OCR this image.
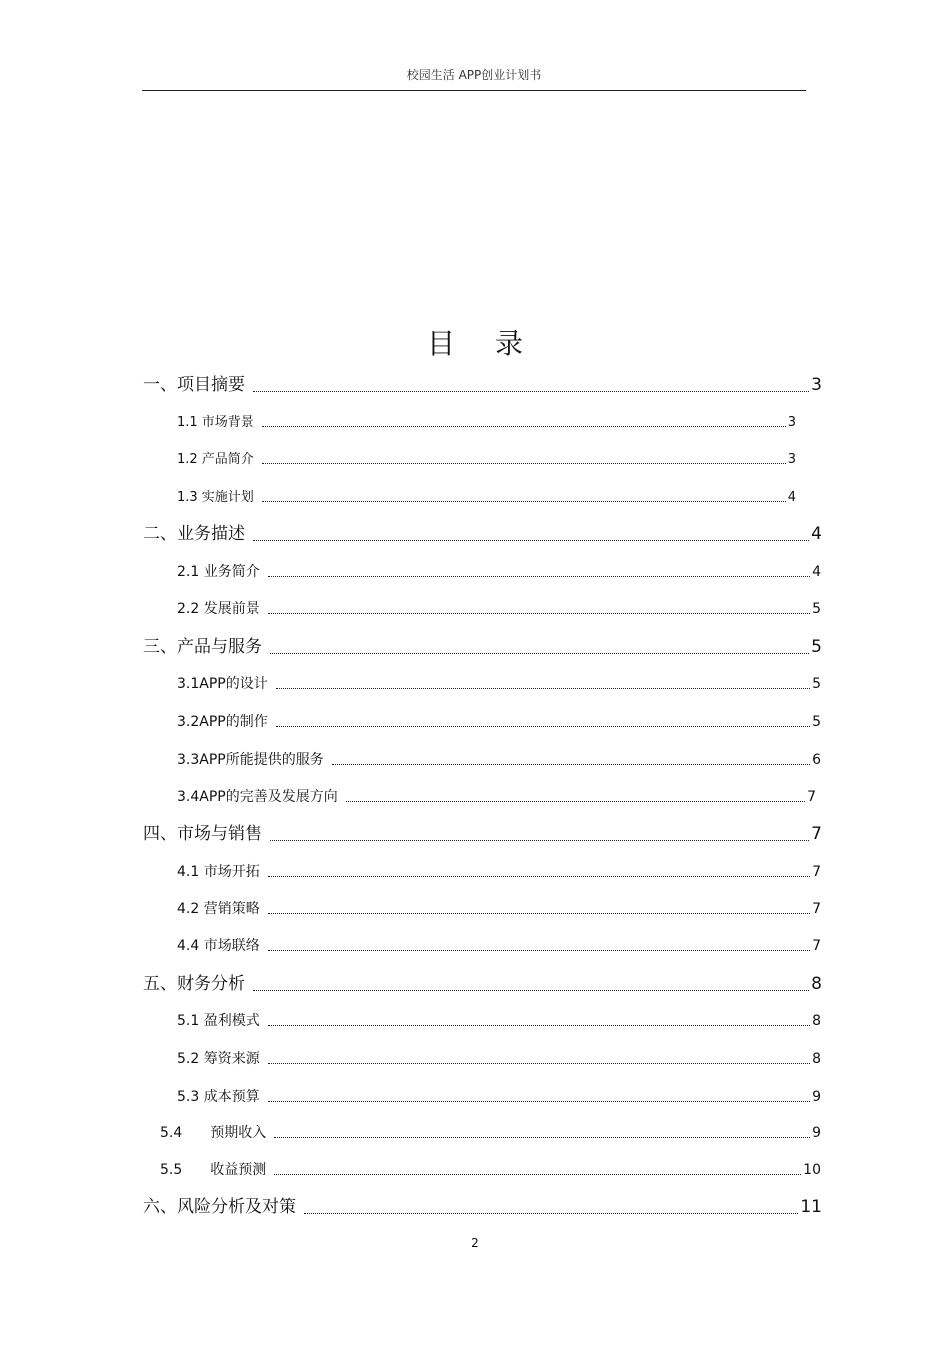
校园生活 APP创业计划书
目录
一、项目摘要	3
1.1 市场背景	3
1.2 产品简介	3
1.3 实施计划	4
二、业务描述	4
2.1 业务简介	4
2.2 发展前景	5
三、产品与服务	5
3.1APP的设计	5
3.2APP的制作	5
3.3APP所能提供的服务	6
3.4APP的完善及发展方向	7
四、市场与销售	7
4.1 市场开拓	7
4.2 营销策略	7
4.4 市场联络	7
五、财务分析	8
5.1 盈利模式	8
5.2 筹资来源	8
5.3 成本预算	9
5.4 预期收入	9
5.5 收益预测	10
六、风险分析及对策	11
2
